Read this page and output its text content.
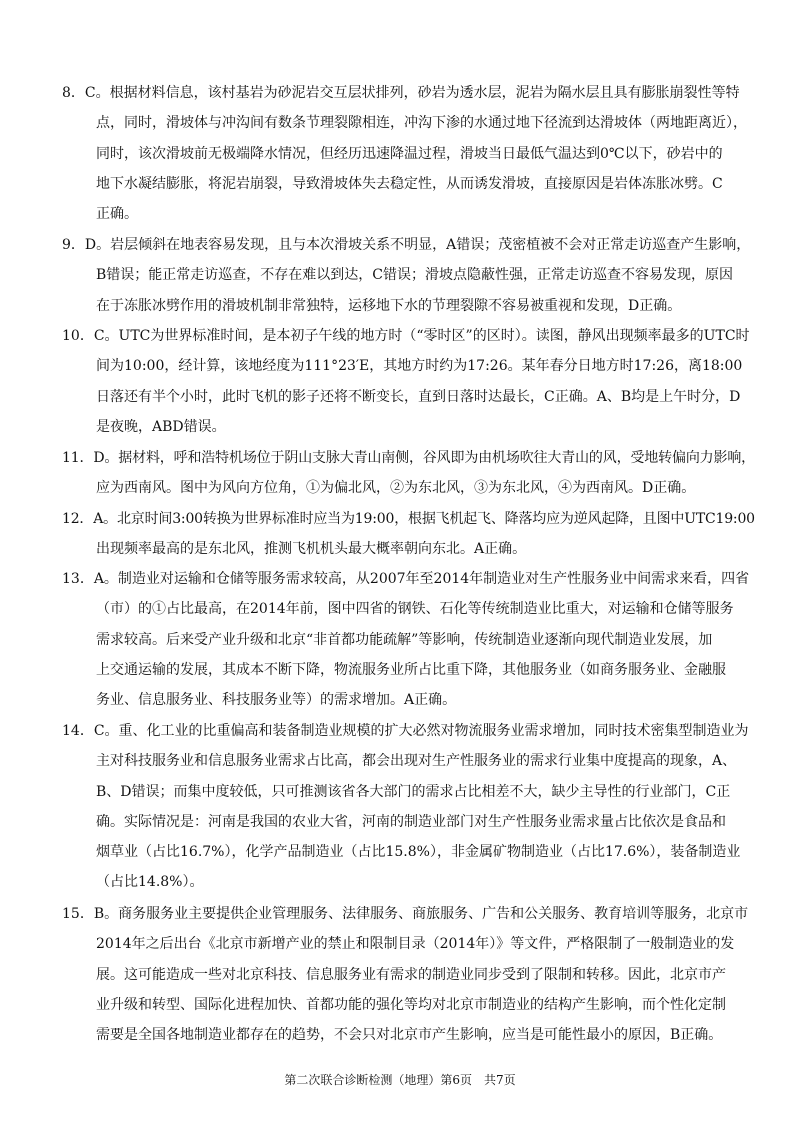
8．C。根据材料信息，该村基岩为砂泥岩交互层状排列，砂岩为透水层，泥岩为隔水层且具有膨胀崩裂性等特
点，同时，滑坡体与冲沟间有数条节理裂隙相连，冲沟下渗的水通过地下径流到达滑坡体（两地距离近），
同时，该次滑坡前无极端降水情况，但经历迅速降温过程，滑坡当日最低气温达到0℃以下，砂岩中的
地下水凝结膨胀，将泥岩崩裂，导致滑坡体失去稳定性，从而诱发滑坡，直接原因是岩体冻胀冰劈。C
正确。
9．D。岩层倾斜在地表容易发现，且与本次滑坡关系不明显，A错误；茂密植被不会对正常走访巡查产生影响，
B错误；能正常走访巡查，不存在难以到达，C错误；滑坡点隐蔽性强，正常走访巡查不容易发现，原因
在于冻胀冰劈作用的滑坡机制非常独特，运移地下水的节理裂隙不容易被重视和发现，D正确。
10．C。UTC为世界标准时间，是本初子午线的地方时（“零时区”的区时）。读图，静风出现频率最多的UTC时
间为10:00，经计算，该地经度为111°23′E，其地方时约为17:26。某年春分日地方时17:26，离18:00
日落还有半个小时，此时飞机的影子还将不断变长，直到日落时达最长，C正确。A、B均是上午时分，D
是夜晚，ABD错误。
11．D。据材料，呼和浩特机场位于阴山支脉大青山南侧，谷风即为由机场吹往大青山的风，受地转偏向力影响，
应为西南风。图中为风向方位角，①为偏北风，②为东北风，③为东北风，④为西南风。D正确。
12．A。北京时间3:00转换为世界标准时应当为19:00，根据飞机起飞、降落均应为逆风起降，且图中UTC19:00
出现频率最高的是东北风，推测飞机机头最大概率朝向东北。A正确。
13．A。制造业对运输和仓储等服务需求较高，从2007年至2014年制造业对生产性服务业中间需求来看，四省
（市）的①占比最高，在2014年前，图中四省的钢铁、石化等传统制造业比重大，对运输和仓储等服务
需求较高。后来受产业升级和北京“非首都功能疏解”等影响，传统制造业逐渐向现代制造业发展，加
上交通运输的发展，其成本不断下降，物流服务业所占比重下降，其他服务业（如商务服务业、金融服
务业、信息服务业、科技服务业等）的需求增加。A正确。
14．C。重、化工业的比重偏高和装备制造业规模的扩大必然对物流服务业需求增加，同时技术密集型制造业为
主对科技服务业和信息服务业需求占比高，都会出现对生产性服务业的需求行业集中度提高的现象，A、
B、D错误；而集中度较低，只可推测该省各大部门的需求占比相差不大，缺少主导性的行业部门，C正
确。实际情况是：河南是我国的农业大省，河南的制造业部门对生产性服务业需求量占比依次是食品和
烟草业（占比16.7%），化学产品制造业（占比15.8%），非金属矿物制造业（占比17.6%），装备制造业
（占比14.8%）。
15．B。商务服务业主要提供企业管理服务、法律服务、商旅服务、广告和公关服务、教育培训等服务，北京市
2014年之后出台《北京市新增产业的禁止和限制目录（2014年）》等文件，严格限制了一般制造业的发
展。这可能造成一些对北京科技、信息服务业有需求的制造业同步受到了限制和转移。因此，北京市产
业升级和转型、国际化进程加快、首都功能的强化等均对北京市制造业的结构产生影响，而个性化定制
需要是全国各地制造业都存在的趋势，不会只对北京市产生影响，应当是可能性最小的原因，B正确。
第二次联合诊断检测（地理）第6页　共7页
